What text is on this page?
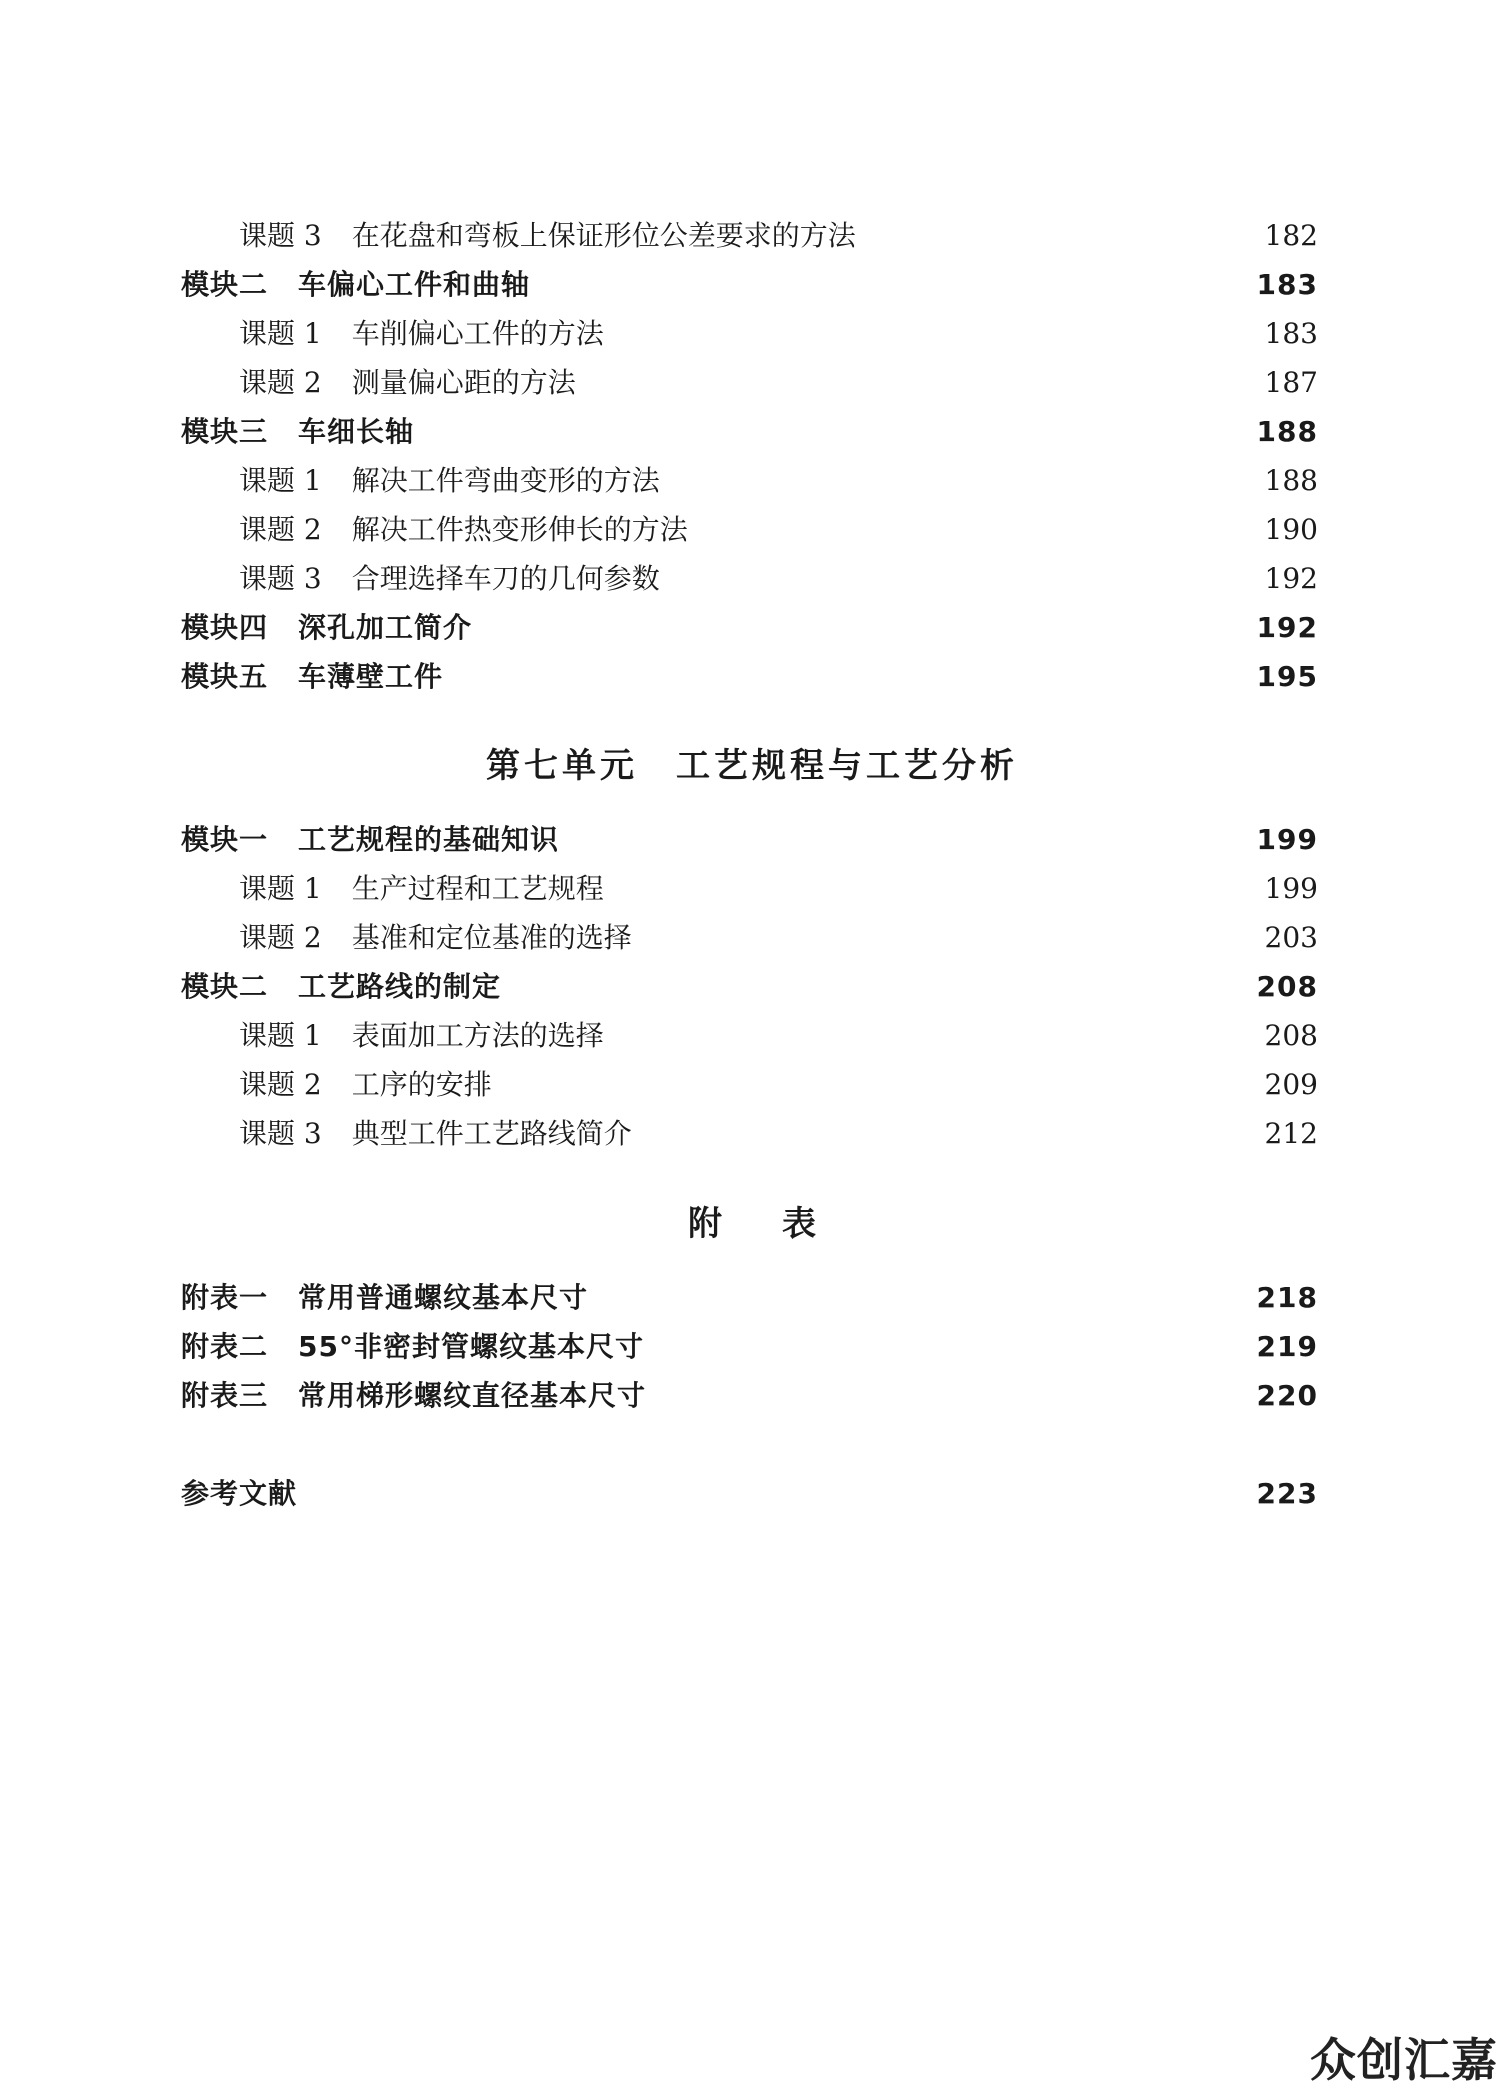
课题 3 在花盘和弯板上保证形位公差要求的方法	182
模块二 车偏心工件和曲轴	183
课题 1 车削偏心工件的方法	183
课题 2 测量偏心距的方法	187
模块三 车细长轴	188
课题 1 解决工件弯曲变形的方法	188
课题 2 解决工件热变形伸长的方法	190
课题 3 合理选择车刀的几何参数	192
模块四 深孔加工简介	192
模块五 车薄壁工件	195
第七单元　工艺规程与工艺分析
模块一 工艺规程的基础知识	199
课题 1 生产过程和工艺规程	199
课题 2 基准和定位基准的选择	203
模块二 工艺路线的制定	208
课题 1 表面加工方法的选择	208
课题 2 工序的安排	209
课题 3 典型工件工艺路线简介	212
附表
附表一 常用普通螺纹基本尺寸	218
附表二 55°非密封管螺纹基本尺寸	219
附表三 常用梯形螺纹直径基本尺寸	220
参考文献	223
众创汇嘉
